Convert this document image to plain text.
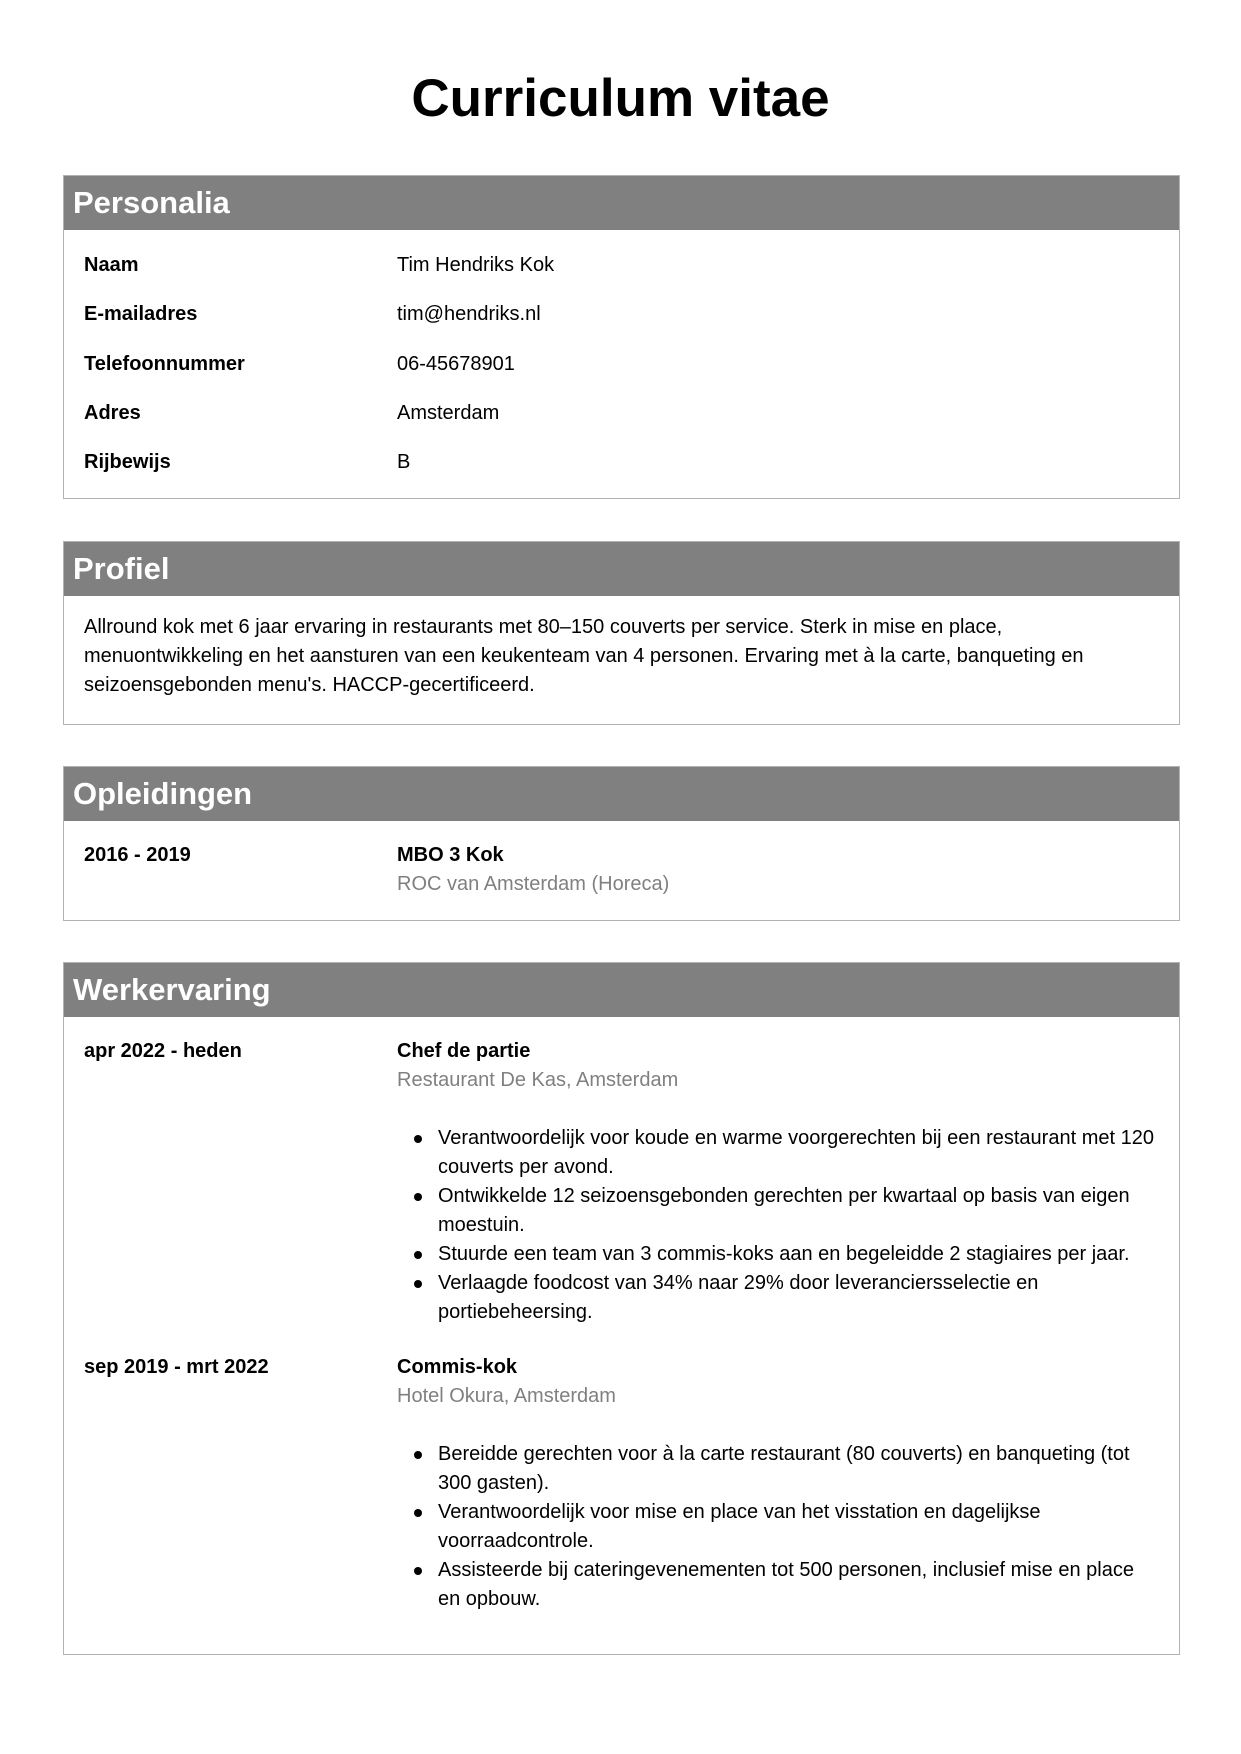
Curriculum vitae
Personalia
Naam	Tim Hendriks Kok
E-mailadres	tim@hendriks.nl
Telefoonnummer	06-45678901
Adres	Amsterdam
Rijbewijs	B
Profiel
Allround kok met 6 jaar ervaring in restaurants met 80–150 couverts per service. Sterk in mise en place, menuontwikkeling en het aansturen van een keukenteam van 4 personen. Ervaring met à la carte, banqueting en seizoensgebonden menu's. HACCP-gecertificeerd.
Opleidingen
2016 - 2019	MBO 3 Kok
ROC van Amsterdam (Horeca)
Werkervaring
apr 2022 - heden	Chef de partie
Restaurant De Kas, Amsterdam
Verantwoordelijk voor koude en warme voorgerechten bij een restaurant met 120 couverts per avond.
Ontwikkelde 12 seizoensgebonden gerechten per kwartaal op basis van eigen moestuin.
Stuurde een team van 3 commis-koks aan en begeleidde 2 stagiaires per jaar.
Verlaagde foodcost van 34% naar 29% door leveranciersselectie en portiebeheersing.
sep 2019 - mrt 2022	Commis-kok
Hotel Okura, Amsterdam
Bereidde gerechten voor à la carte restaurant (80 couverts) en banqueting (tot 300 gasten).
Verantwoordelijk voor mise en place van het visstation en dagelijkse voorraadcontrole.
Assisteerde bij cateringevenementen tot 500 personen, inclusief mise en place en opbouw.
